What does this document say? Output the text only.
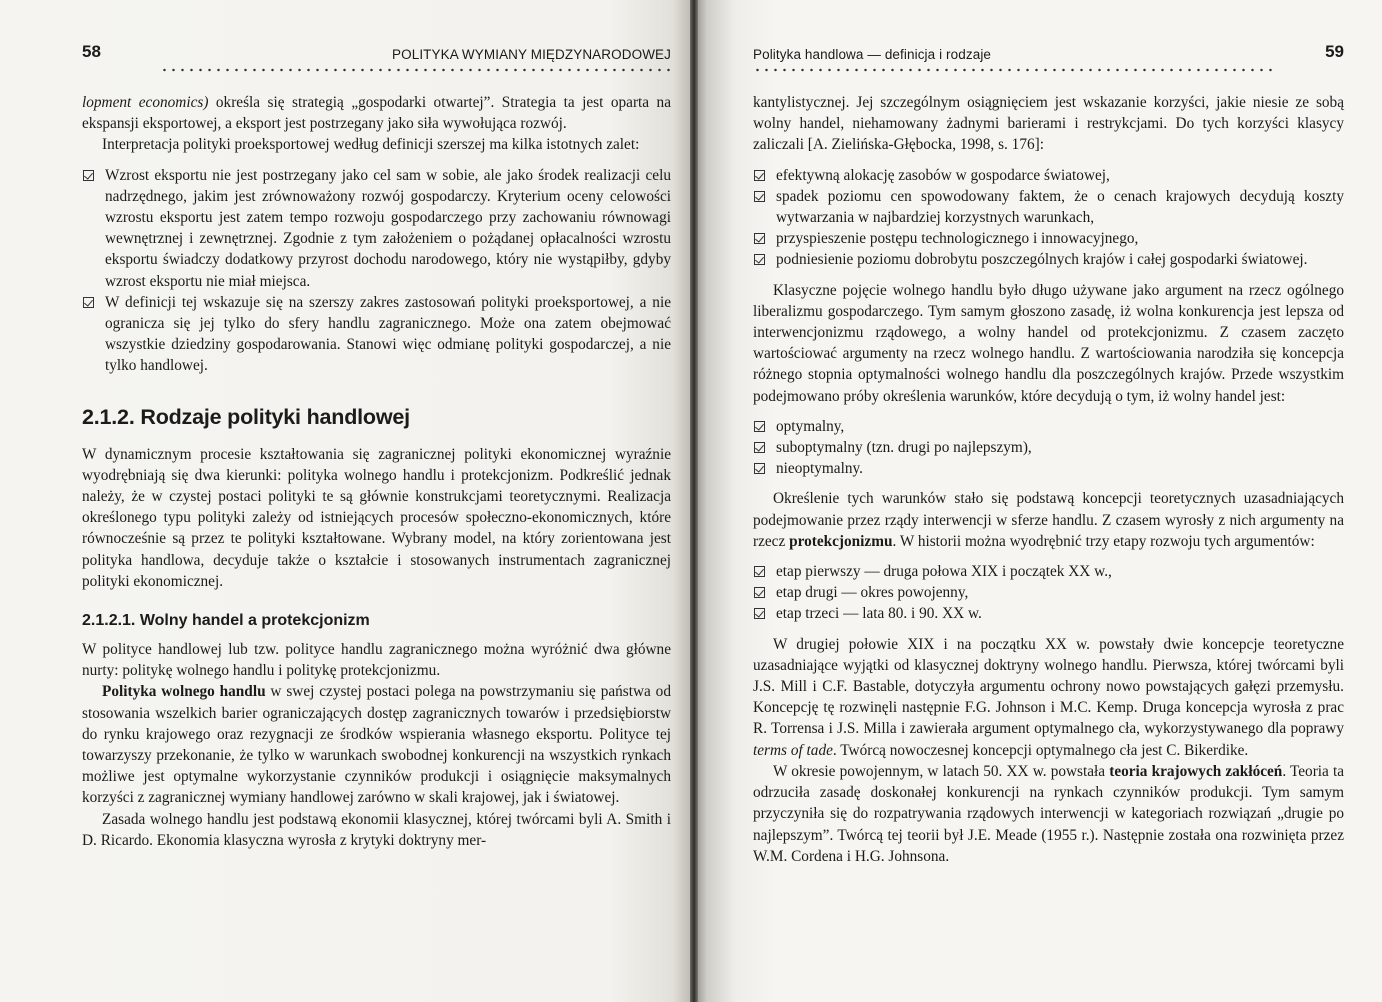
58	POLITYKA WYMIANY MIĘDZYNARODOWEJ

lopment economics) określa się strategią „gospodarki otwartej”. Strategia ta jest oparta na ekspansji eksportowej, a eksport jest postrzegany jako siła wywołująca rozwój.

Interpretacja polityki proeksportowej według definicji szerszej ma kilka istotnych zalet:

Wzrost eksportu nie jest postrzegany jako cel sam w sobie, ale jako środek realizacji celu nadrzędnego, jakim jest zrównoważony rozwój gospodarczy. Kryterium oceny celowości wzrostu eksportu jest zatem tempo rozwoju gospodarczego przy zachowaniu równowagi wewnętrznej i zewnętrznej. Zgodnie z tym założeniem o pożądanej opłacalności wzrostu eksportu świadczy dodatkowy przyrost dochodu narodowego, który nie wystąpiłby, gdyby wzrost eksportu nie miał miejsca.
W definicji tej wskazuje się na szerszy zakres zastosowań polityki proeksportowej, a nie ogranicza się jej tylko do sfery handlu zagranicznego. Może ona zatem obejmować wszystkie dziedziny gospodarowania. Stanowi więc odmianę polityki gospodarczej, a nie tylko handlowej.
2.1.2. Rodzaje polityki handlowej

W dynamicznym procesie kształtowania się zagranicznej polityki ekonomicznej wyraźnie wyodrębniają się dwa kierunki: polityka wolnego handlu i protekcjonizm. Podkreślić jednak należy, że w czystej postaci polityki te są głównie konstrukcjami teoretycznymi. Realizacja określonego typu polityki zależy od istniejących procesów społeczno-ekonomicznych, które równocześnie są przez te polityki kształtowane. Wybrany model, na który zorientowana jest polityka handlowa, decyduje także o kształcie i stosowanych instrumentach zagranicznej polityki ekonomicznej.

2.1.2.1. Wolny handel a protekcjonizm

W polityce handlowej lub tzw. polityce handlu zagranicznego można wyróżnić dwa główne nurty: politykę wolnego handlu i politykę protekcjonizmu.

Polityka wolnego handlu w swej czystej postaci polega na powstrzymaniu się państwa od stosowania wszelkich barier ograniczających dostęp zagranicznych towarów i przedsiębiorstw do rynku krajowego oraz rezygnacji ze środków wspierania własnego eksportu. Polityce tej towarzyszy przekonanie, że tylko w warunkach swobodnej konkurencji na wszystkich rynkach możliwe jest optymalne wykorzystanie czynników produkcji i osiągnięcie maksymalnych korzyści z zagranicznej wymiany handlowej zarówno w skali krajowej, jak i światowej.

Zasada wolnego handlu jest podstawą ekonomii klasycznej, której twórcami byli A. Smith i D. Ricardo. Ekonomia klasyczna wyrosła z krytyki doktryny mer-

Polityka handlowa — definicja i rodzaje	59

kantylistycznej. Jej szczególnym osiągnięciem jest wskazanie korzyści, jakie niesie ze sobą wolny handel, niehamowany żadnymi barierami i restrykcjami. Do tych korzyści klasycy zaliczali [A. Zielińska-Głębocka, 1998, s. 176]:

efektywną alokację zasobów w gospodarce światowej,
spadek poziomu cen spowodowany faktem, że o cenach krajowych decydują koszty wytwarzania w najbardziej korzystnych warunkach,
przyspieszenie postępu technologicznego i innowacyjnego,
podniesienie poziomu dobrobytu poszczególnych krajów i całej gospodarki światowej.

Klasyczne pojęcie wolnego handlu było długo używane jako argument na rzecz ogólnego liberalizmu gospodarczego. Tym samym głoszono zasadę, iż wolna konkurencja jest lepsza od interwencjonizmu rządowego, a wolny handel od protekcjonizmu. Z czasem zaczęto wartościować argumenty na rzecz wolnego handlu. Z wartościowania narodziła się koncepcja różnego stopnia optymalności wolnego handlu dla poszczególnych krajów. Przede wszystkim podejmowano próby określenia warunków, które decydują o tym, iż wolny handel jest:

optymalny,
suboptymalny (tzn. drugi po najlepszym),
nieoptymalny.

Określenie tych warunków stało się podstawą koncepcji teoretycznych uzasadniających podejmowanie przez rządy interwencji w sferze handlu. Z czasem wyrosły z nich argumenty na rzecz protekcjonizmu. W historii można wyodrębnić trzy etapy rozwoju tych argumentów:

etap pierwszy — druga połowa XIX i początek XX w.,
etap drugi — okres powojenny,
etap trzeci — lata 80. i 90. XX w.

W drugiej połowie XIX i na początku XX w. powstały dwie koncepcje teoretyczne uzasadniające wyjątki od klasycznej doktryny wolnego handlu. Pierwsza, której twórcami byli J.S. Mill i C.F. Bastable, dotyczyła argumentu ochrony nowo powstających gałęzi przemysłu. Koncepcję tę rozwinęli następnie F.G. Johnson i M.C. Kemp. Druga koncepcja wyrosła z prac R. Torrensa i J.S. Milla i zawierała argument optymalnego cła, wykorzystywanego dla poprawy terms of tade. Twórcą nowoczesnej koncepcji optymalnego cła jest C. Bikerdike.

W okresie powojennym, w latach 50. XX w. powstała teoria krajowych zakłóceń. Teoria ta odrzuciła zasadę doskonałej konkurencji na rynkach czynników produkcji. Tym samym przyczyniła się do rozpatrywania rządowych interwencji w kategoriach rozwiązań „drugie po najlepszym”. Twórcą tej teorii był J.E. Meade (1955 r.). Następnie została ona rozwinięta przez W.M. Cordena i H.G. Johnsona.
